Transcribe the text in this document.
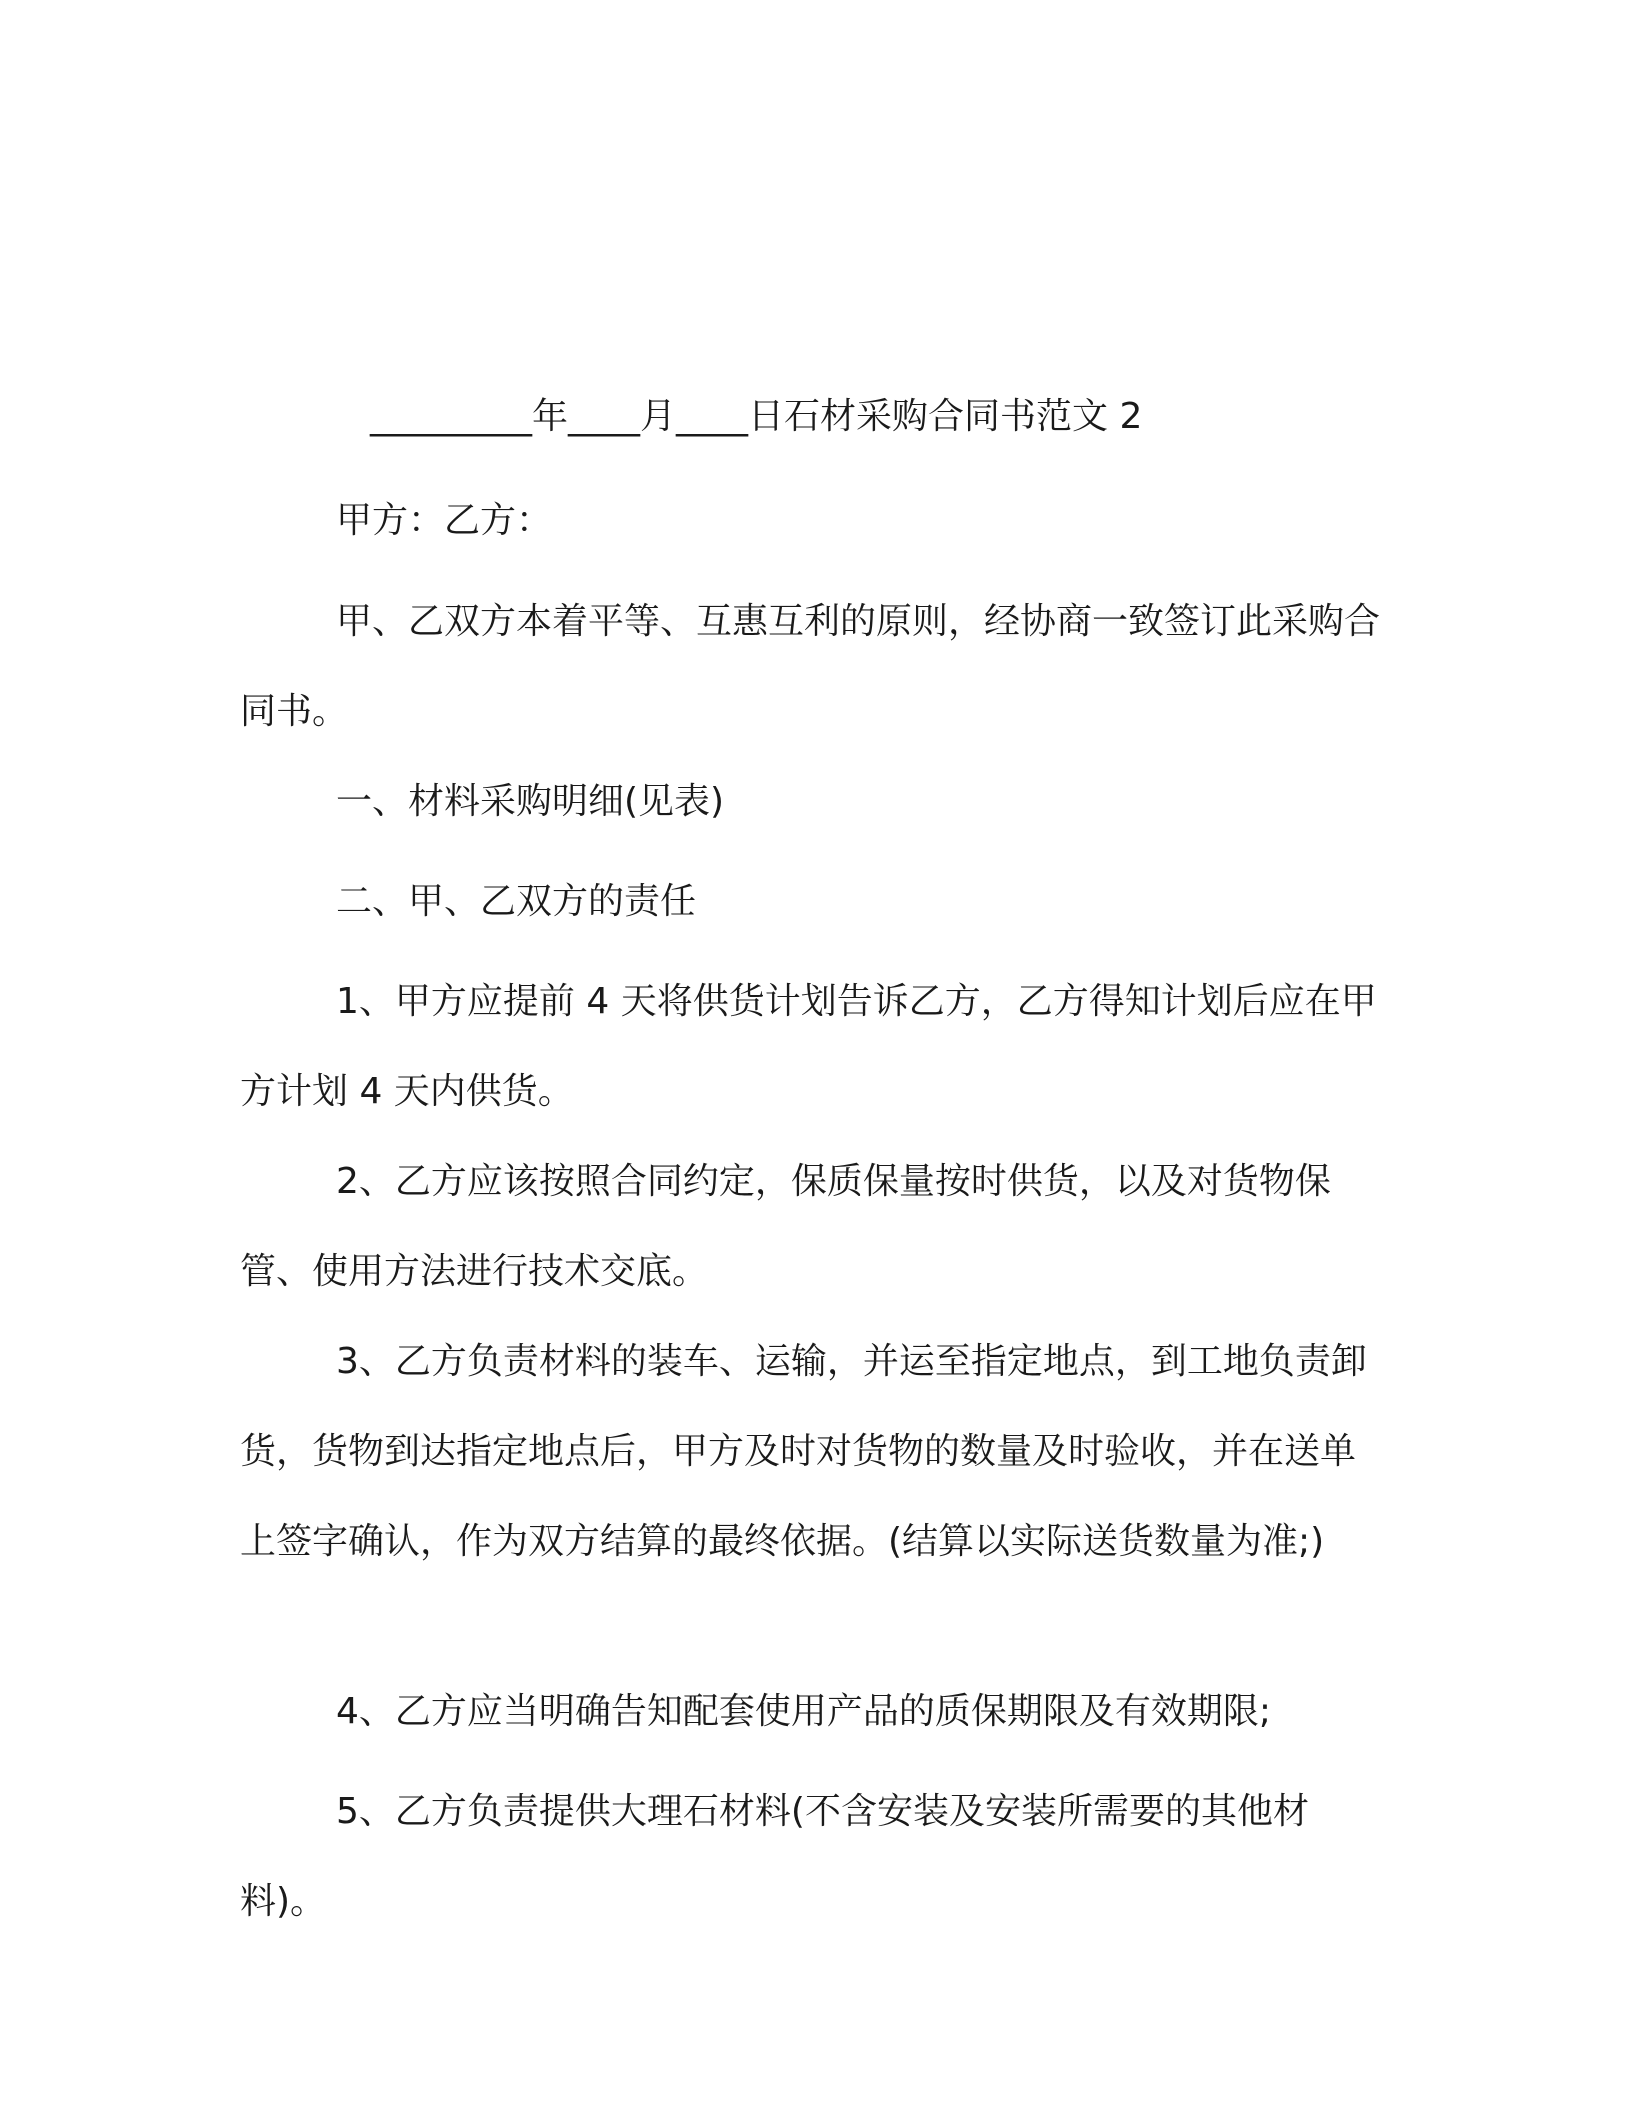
_________年____月____日石材采购合同书范文 2

甲方：乙方：

甲、乙双方本着平等、互惠互利的原则，经协商一致签订此采购合同书。

一、材料采购明细(见表)

二、甲、乙双方的责任

1、甲方应提前 4 天将供货计划告诉乙方，乙方得知计划后应在甲方计划 4 天内供货。

2、乙方应该按照合同约定，保质保量按时供货，以及对货物保管、使用方法进行技术交底。

3、乙方负责材料的装车、运输，并运至指定地点，到工地负责卸货，货物到达指定地点后，甲方及时对货物的数量及时验收，并在送单上签字确认，作为双方结算的最终依据。(结算以实际送货数量为准;)

4、乙方应当明确告知配套使用产品的质保期限及有效期限;

5、乙方负责提供大理石材料(不含安装及安装所需要的其他材料)。
